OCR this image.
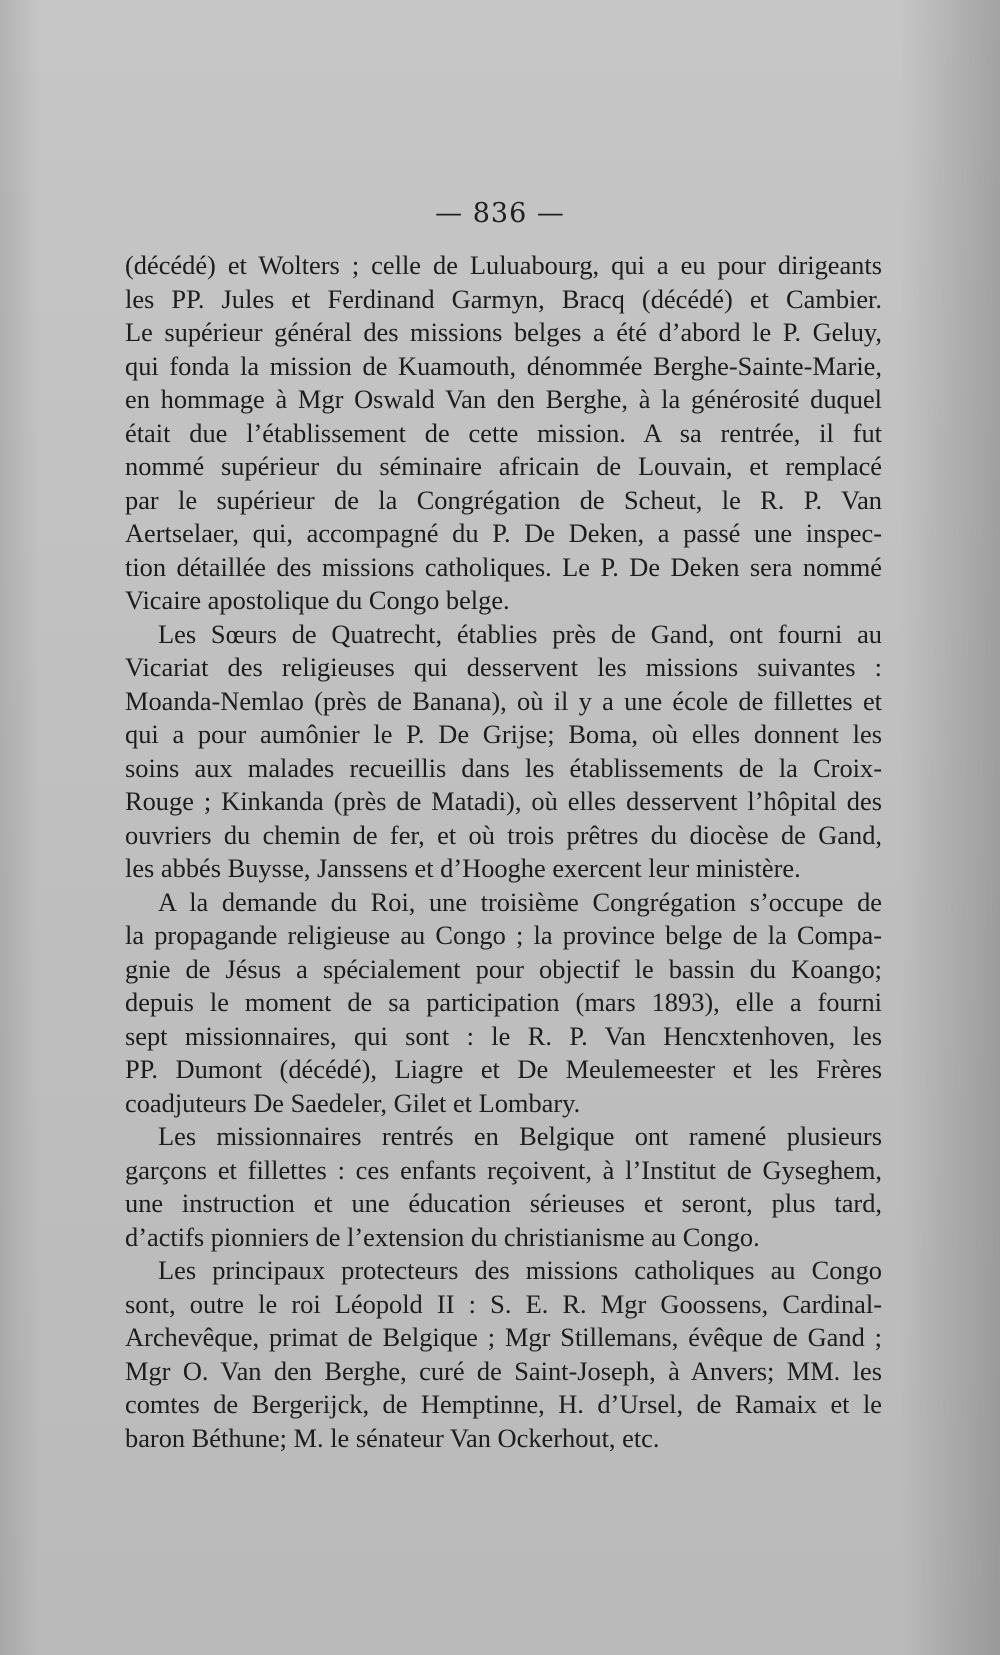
— 836 —
(décédé) et Wolters ; celle de Luluabourg, qui a eu pour dirigeants
les PP. Jules et Ferdinand Garmyn, Bracq (décédé) et Cambier.
Le supérieur général des missions belges a été d’abord le P. Geluy,
qui fonda la mission de Kuamouth, dénommée Berghe-Sainte-Marie,
en hommage à Mgr Oswald Van den Berghe, à la générosité duquel
était due l’établissement de cette mission. A sa rentrée, il fut
nommé supérieur du séminaire africain de Louvain, et remplacé
par le supérieur de la Congrégation de Scheut, le R. P. Van
Aertselaer, qui, accompagné du P. De Deken, a passé une inspec-
tion détaillée des missions catholiques. Le P. De Deken sera nommé
Vicaire apostolique du Congo belge.
Les Sœurs de Quatrecht, établies près de Gand, ont fourni au
Vicariat des religieuses qui desservent les missions suivantes :
Moanda-Nemlao (près de Banana), où il y a une école de fillettes et
qui a pour aumônier le P. De Grijse; Boma, où elles donnent les
soins aux malades recueillis dans les établissements de la Croix-
Rouge ; Kinkanda (près de Matadi), où elles desservent l’hôpital des
ouvriers du chemin de fer, et où trois prêtres du diocèse de Gand,
les abbés Buysse, Janssens et d’Hooghe exercent leur ministère.
A la demande du Roi, une troisième Congrégation s’occupe de
la propagande religieuse au Congo ; la province belge de la Compa-
gnie de Jésus a spécialement pour objectif le bassin du Koango;
depuis le moment de sa participation (mars 1893), elle a fourni
sept missionnaires, qui sont : le R. P. Van Hencxtenhoven, les
PP. Dumont (décédé), Liagre et De Meulemeester et les Frères
coadjuteurs De Saedeler, Gilet et Lombary.
Les missionnaires rentrés en Belgique ont ramené plusieurs
garçons et fillettes : ces enfants reçoivent, à l’Institut de Gyseghem,
une instruction et une éducation sérieuses et seront, plus tard,
d’actifs pionniers de l’extension du christianisme au Congo.
Les principaux protecteurs des missions catholiques au Congo
sont, outre le roi Léopold II : S. E. R. Mgr Goossens, Cardinal-
Archevêque, primat de Belgique ; Mgr Stillemans, évêque de Gand ;
Mgr O. Van den Berghe, curé de Saint-Joseph, à Anvers; MM. les
comtes de Bergerijck, de Hemptinne, H. d’Ursel, de Ramaix et le
baron Béthune; M. le sénateur Van Ockerhout, etc.
